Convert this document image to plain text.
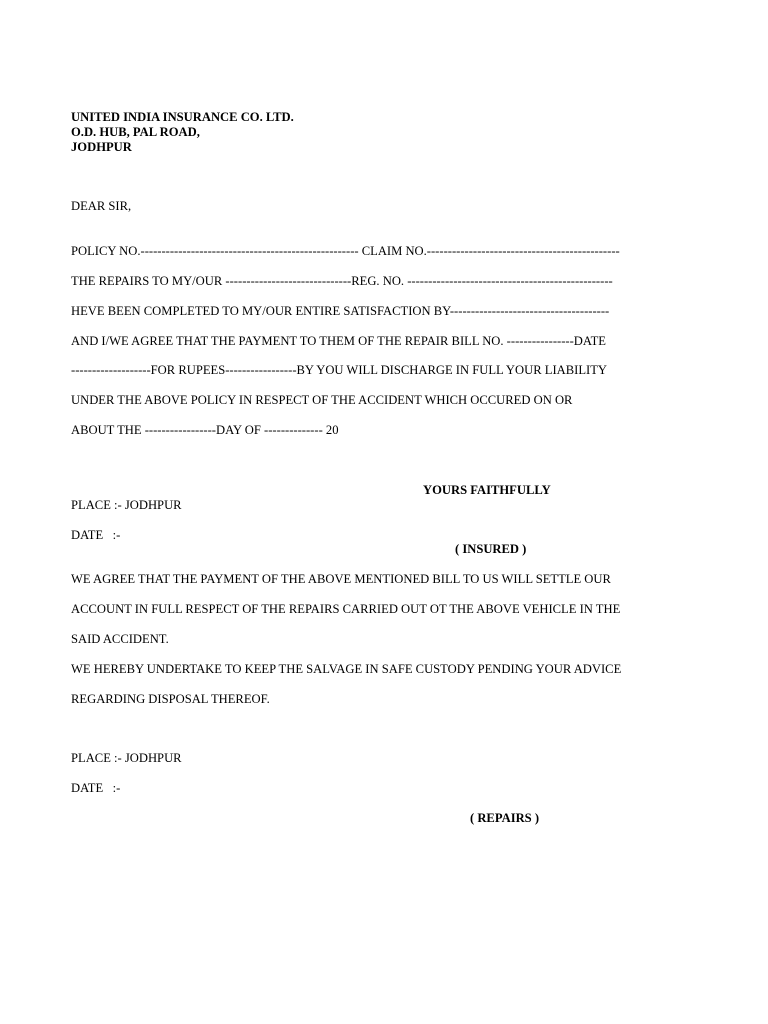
UNITED INDIA INSURANCE CO. LTD.
O.D. HUB, PAL ROAD,
JODHPUR
DEAR SIR,
POLICY NO.---------------------------------------------------- CLAIM NO.----------------------------------------------
THE REPAIRS TO MY/OUR ------------------------------REG. NO. -------------------------------------------------
HEVE BEEN COMPLETED TO MY/OUR ENTIRE SATISFACTION BY--------------------------------------
AND I/WE AGREE THAT THE PAYMENT TO THEM OF THE REPAIR BILL NO. ----------------DATE
-------------------FOR RUPEES-----------------BY YOU WILL DISCHARGE IN FULL YOUR LIABILITY
UNDER THE ABOVE POLICY IN RESPECT OF THE ACCIDENT WHICH OCCURED ON OR
ABOUT THE -----------------DAY OF -------------- 20
YOURS FAITHFULLY
PLACE :- JODHPUR
DATE   :-
( INSURED )
WE AGREE THAT THE PAYMENT OF THE ABOVE MENTIONED BILL TO US WILL SETTLE OUR
ACCOUNT IN FULL RESPECT OF THE REPAIRS CARRIED OUT OT THE ABOVE VEHICLE IN THE
SAID ACCIDENT.
WE HEREBY UNDERTAKE TO KEEP THE SALVAGE IN SAFE CUSTODY PENDING YOUR ADVICE
REGARDING DISPOSAL THEREOF.
PLACE :- JODHPUR
DATE   :-
( REPAIRS )
